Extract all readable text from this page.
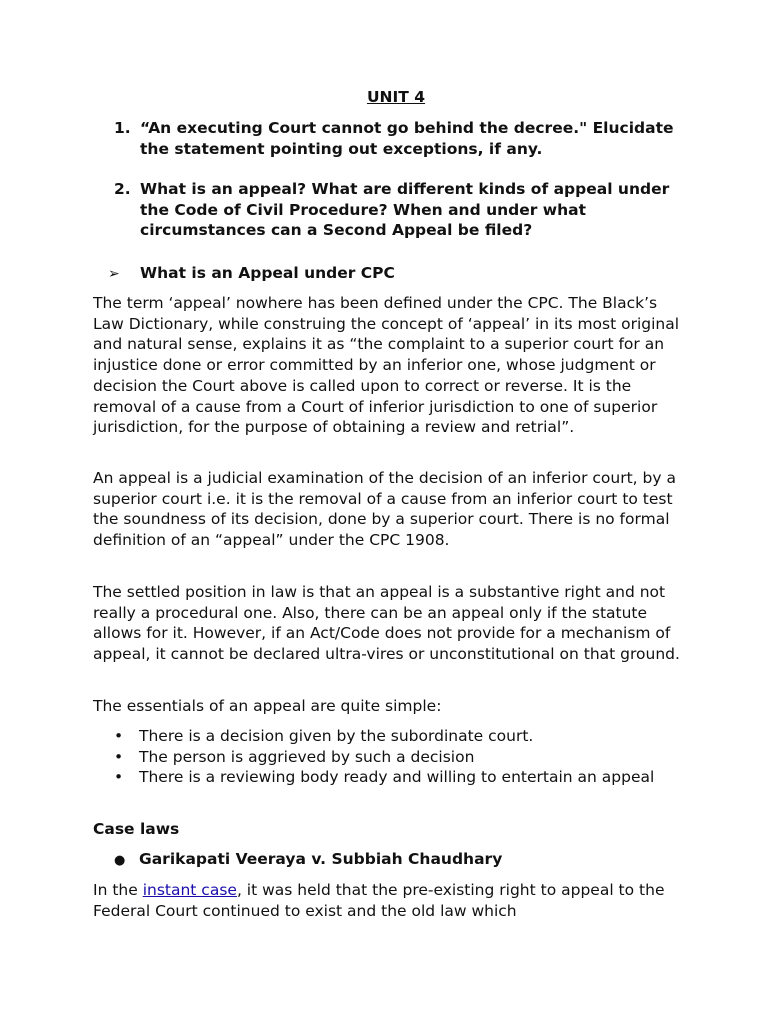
UNIT 4
1. “An executing Court cannot go behind the decree." Elucidate the statement pointing out exceptions, if any.
2. What is an appeal? What are different kinds of appeal under the Code of Civil Procedure? When and under what circumstances can a Second Appeal be filed?
➢ What is an Appeal under CPC

The term ‘appeal’ nowhere has been defined under the CPC. The Black’s Law Dictionary, while construing the concept of ‘appeal’ in its most original and natural sense, explains it as “the complaint to a superior court for an injustice done or error committed by an inferior one, whose judgment or decision the Court above is called upon to correct or reverse. It is the removal of a cause from a Court of inferior jurisdiction to one of superior jurisdiction, for the purpose of obtaining a review and retrial”.

An appeal is a judicial examination of the decision of an inferior court, by a superior court i.e. it is the removal of a cause from an inferior court to test the soundness of its decision, done by a superior court. There is no formal definition of an “appeal” under the CPC 1908.

The settled position in law is that an appeal is a substantive right and not really a procedural one. Also, there can be an appeal only if the statute allows for it. However, if an Act/Code does not provide for a mechanism of appeal, it cannot be declared ultra-vires or unconstitutional on that ground.

The essentials of an appeal are quite simple:

• There is a decision given by the subordinate court.
• The person is aggrieved by such a decision
• There is a reviewing body ready and willing to entertain an appeal
Case laws
● Garikapati Veeraya v. Subbiah Chaudhary

In the instant case, it was held that the pre-existing right to appeal to the Federal Court continued to exist and the old law which
